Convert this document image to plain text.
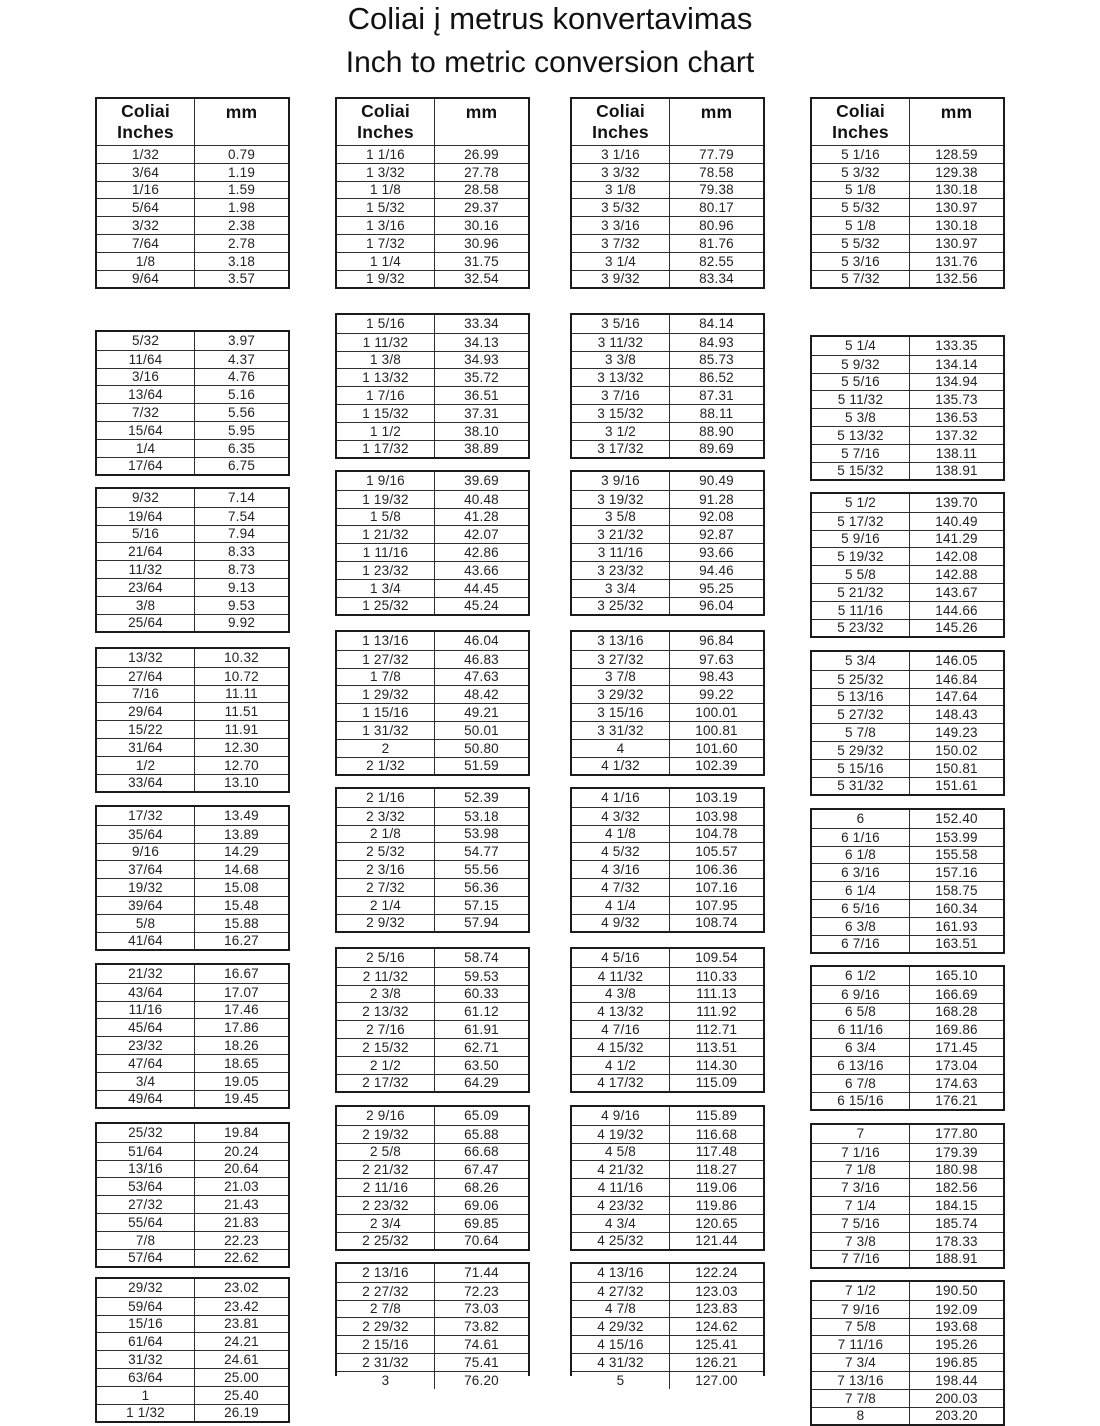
Coliai į metrus konvertavimas
Inch to metric conversion chart
Coliai
Inches
mm
1/32	0.79
3/64	1.19
1/16	1.59
5/64	1.98
3/32	2.38
7/64	2.78
1/8	3.18
9/64	3.57
5/32	3.97
11/64	4.37
3/16	4.76
13/64	5.16
7/32	5.56
15/64	5.95
1/4	6.35
17/64	6.75
9/32	7.14
19/64	7.54
5/16	7.94
21/64	8.33
11/32	8.73
23/64	9.13
3/8	9.53
25/64	9.92
13/32	10.32
27/64	10.72
7/16	11.11
29/64	11.51
15/22	11.91
31/64	12.30
1/2	12.70
33/64	13.10
17/32	13.49
35/64	13.89
9/16	14.29
37/64	14.68
19/32	15.08
39/64	15.48
5/8	15.88
41/64	16.27
21/32	16.67
43/64	17.07
11/16	17.46
45/64	17.86
23/32	18.26
47/64	18.65
3/4	19.05
49/64	19.45
25/32	19.84
51/64	20.24
13/16	20.64
53/64	21.03
27/32	21.43
55/64	21.83
7/8	22.23
57/64	22.62
29/32	23.02
59/64	23.42
15/16	23.81
61/64	24.21
31/32	24.61
63/64	25.00
1	25.40
1 1/32	26.19
Coliai
Inches
mm
1 1/16	26.99
1 3/32	27.78
1 1/8	28.58
1 5/32	29.37
1 3/16	30.16
1 7/32	30.96
1 1/4	31.75
1 9/32	32.54
1 5/16	33.34
1 11/32	34.13
1 3/8	34.93
1 13/32	35.72
1 7/16	36.51
1 15/32	37.31
1 1/2	38.10
1 17/32	38.89
1 9/16	39.69
1 19/32	40.48
1 5/8	41.28
1 21/32	42.07
1 11/16	42.86
1 23/32	43.66
1 3/4	44.45
1 25/32	45.24
1 13/16	46.04
1 27/32	46.83
1 7/8	47.63
1 29/32	48.42
1 15/16	49.21
1 31/32	50.01
2	50.80
2 1/32	51.59
2 1/16	52.39
2 3/32	53.18
2 1/8	53.98
2 5/32	54.77
2 3/16	55.56
2 7/32	56.36
2 1/4	57.15
2 9/32	57.94
2 5/16	58.74
2 11/32	59.53
2 3/8	60.33
2 13/32	61.12
2 7/16	61.91
2 15/32	62.71
2 1/2	63.50
2 17/32	64.29
2 9/16	65.09
2 19/32	65.88
2 5/8	66.68
2 21/32	67.47
2 11/16	68.26
2 23/32	69.06
2 3/4	69.85
2 25/32	70.64
2 13/16	71.44
2 27/32	72.23
2 7/8	73.03
2 29/32	73.82
2 15/16	74.61
2 31/32	75.41
3	76.20
Coliai
Inches
mm
3 1/16	77.79
3 3/32	78.58
3 1/8	79.38
3 5/32	80.17
3 3/16	80.96
3 7/32	81.76
3 1/4	82.55
3 9/32	83.34
3 5/16	84.14
3 11/32	84.93
3 3/8	85.73
3 13/32	86.52
3 7/16	87.31
3 15/32	88.11
3 1/2	88.90
3 17/32	89.69
3 9/16	90.49
3 19/32	91.28
3 5/8	92.08
3 21/32	92.87
3 11/16	93.66
3 23/32	94.46
3 3/4	95.25
3 25/32	96.04
3 13/16	96.84
3 27/32	97.63
3 7/8	98.43
3 29/32	99.22
3 15/16	100.01
3 31/32	100.81
4	101.60
4 1/32	102.39
4 1/16	103.19
4 3/32	103.98
4 1/8	104.78
4 5/32	105.57
4 3/16	106.36
4 7/32	107.16
4 1/4	107.95
4 9/32	108.74
4 5/16	109.54
4 11/32	110.33
4 3/8	111.13
4 13/32	111.92
4 7/16	112.71
4 15/32	113.51
4 1/2	114.30
4 17/32	115.09
4 9/16	115.89
4 19/32	116.68
4 5/8	117.48
4 21/32	118.27
4 11/16	119.06
4 23/32	119.86
4 3/4	120.65
4 25/32	121.44
4 13/16	122.24
4 27/32	123.03
4 7/8	123.83
4 29/32	124.62
4 15/16	125.41
4 31/32	126.21
5	127.00
Coliai
Inches
mm
5 1/16	128.59
5 3/32	129.38
5 1/8	130.18
5 5/32	130.97
5 1/8	130.18
5 5/32	130.97
5 3/16	131.76
5 7/32	132.56
5 1/4	133.35
5 9/32	134.14
5 5/16	134.94
5 11/32	135.73
5 3/8	136.53
5 13/32	137.32
5 7/16	138.11
5 15/32	138.91
5 1/2	139.70
5 17/32	140.49
5 9/16	141.29
5 19/32	142.08
5 5/8	142.88
5 21/32	143.67
5 11/16	144.66
5 23/32	145.26
5 3/4	146.05
5 25/32	146.84
5 13/16	147.64
5 27/32	148.43
5 7/8	149.23
5 29/32	150.02
5 15/16	150.81
5 31/32	151.61
6	152.40
6 1/16	153.99
6 1/8	155.58
6 3/16	157.16
6 1/4	158.75
6 5/16	160.34
6 3/8	161.93
6 7/16	163.51
6 1/2	165.10
6 9/16	166.69
6 5/8	168.28
6 11/16	169.86
6 3/4	171.45
6 13/16	173.04
6 7/8	174.63
6 15/16	176.21
7	177.80
7 1/16	179.39
7 1/8	180.98
7 3/16	182.56
7 1/4	184.15
7 5/16	185.74
7 3/8	178.33
7 7/16	188.91
7 1/2	190.50
7 9/16	192.09
7 5/8	193.68
7 11/16	195.26
7 3/4	196.85
7 13/16	198.44
7 7/8	200.03
8	203.20
